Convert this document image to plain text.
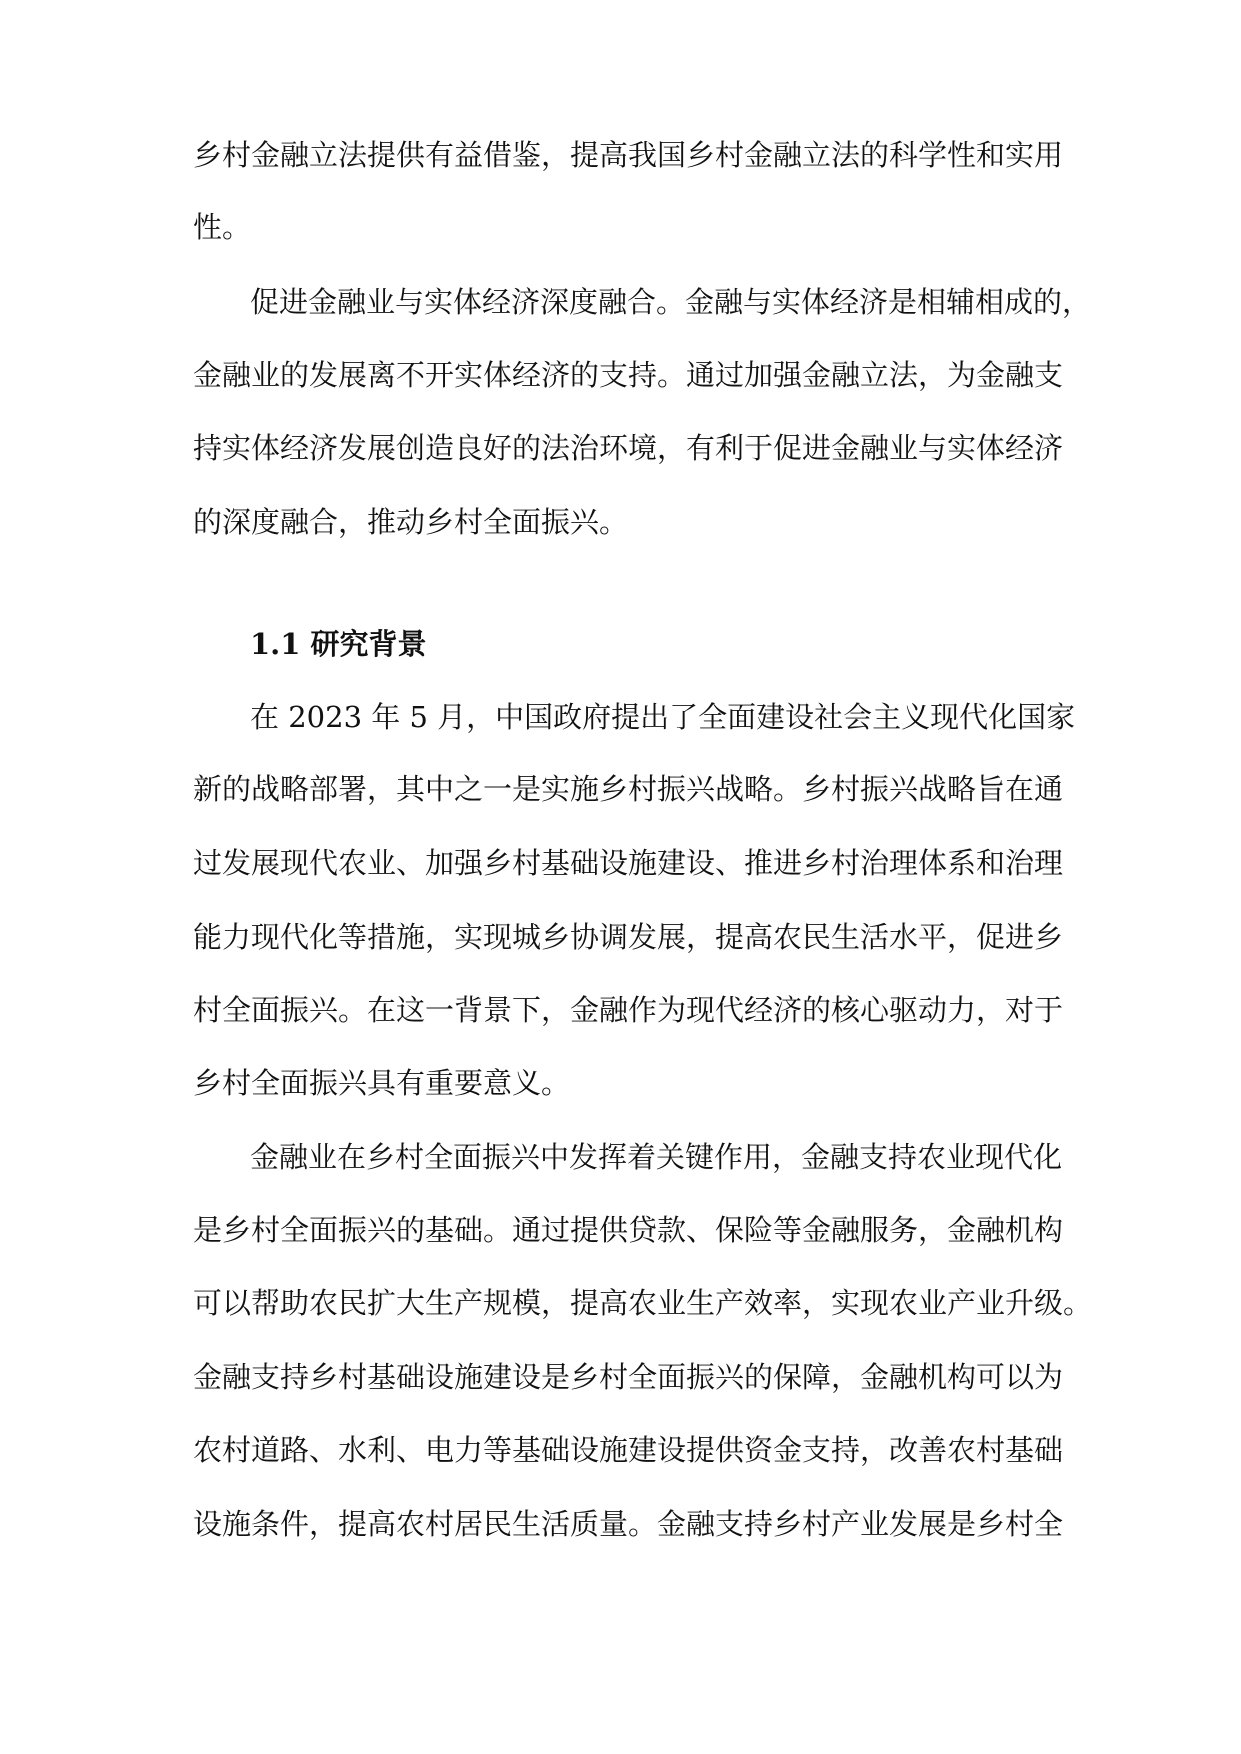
乡村金融立法提供有益借鉴，提高我国乡村金融立法的科学性和实用
性。
促进金融业与实体经济深度融合。金融与实体经济是相辅相成的，
金融业的发展离不开实体经济的支持。通过加强金融立法，为金融支
持实体经济发展创造良好的法治环境，有利于促进金融业与实体经济
的深度融合，推动乡村全面振兴。
1.1 研究背景
在 2023 年 5 月，中国政府提出了全面建设社会主义现代化国家
新的战略部署，其中之一是实施乡村振兴战略。乡村振兴战略旨在通
过发展现代农业、加强乡村基础设施建设、推进乡村治理体系和治理
能力现代化等措施，实现城乡协调发展，提高农民生活水平，促进乡
村全面振兴。在这一背景下，金融作为现代经济的核心驱动力，对于
乡村全面振兴具有重要意义。
金融业在乡村全面振兴中发挥着关键作用，金融支持农业现代化
是乡村全面振兴的基础。通过提供贷款、保险等金融服务，金融机构
可以帮助农民扩大生产规模，提高农业生产效率，实现农业产业升级。
金融支持乡村基础设施建设是乡村全面振兴的保障，金融机构可以为
农村道路、水利、电力等基础设施建设提供资金支持，改善农村基础
设施条件，提高农村居民生活质量。金融支持乡村产业发展是乡村全
